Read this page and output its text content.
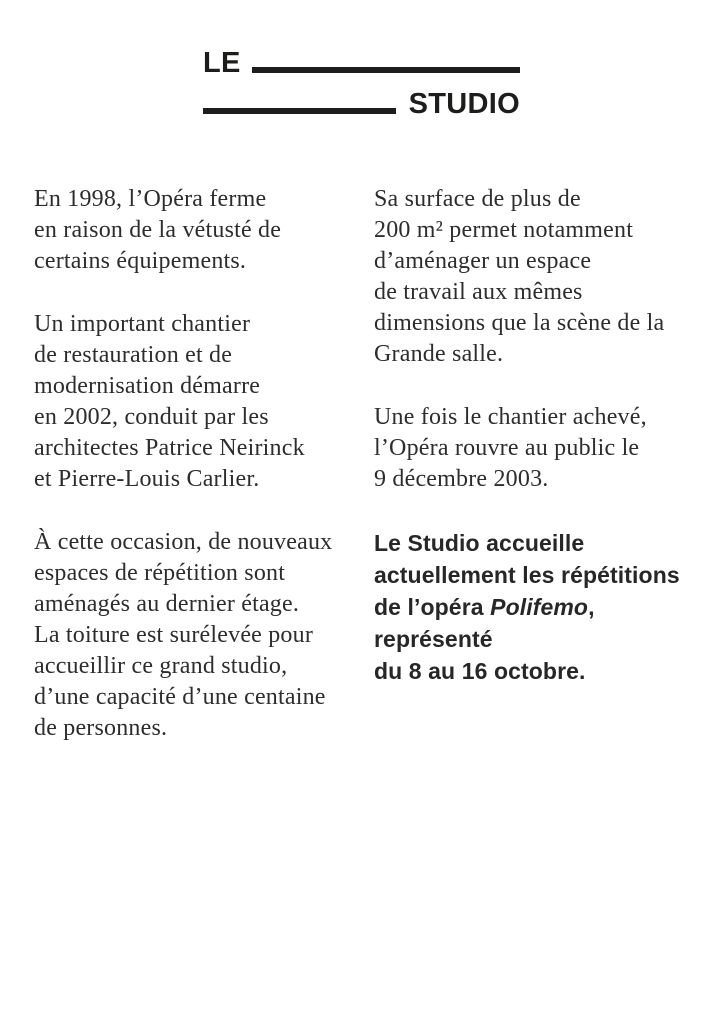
LE
STUDIO

En 1998, l’Opéra ferme
en raison de la vétusté de
certains équipements.

Un important chantier
de restauration et de
modernisation démarre
en 2002, conduit par les
architectes Patrice Neirinck
et Pierre-Louis Carlier.

À cette occasion, de nouveaux
espaces de répétition sont
aménagés au dernier étage.
La toiture est surélevée pour
accueillir ce grand studio,
d’une capacité d’une centaine
de personnes.

Sa surface de plus de
200 m² permet notamment
d’aménager un espace
de travail aux mêmes
dimensions que la scène de la
Grande salle.

Une fois le chantier achevé,
l’Opéra rouvre au public le
9 décembre 2003.

Le Studio accueille
actuellement les répétitions
de l’opéra Polifemo,
représenté
du 8 au 16 octobre.
